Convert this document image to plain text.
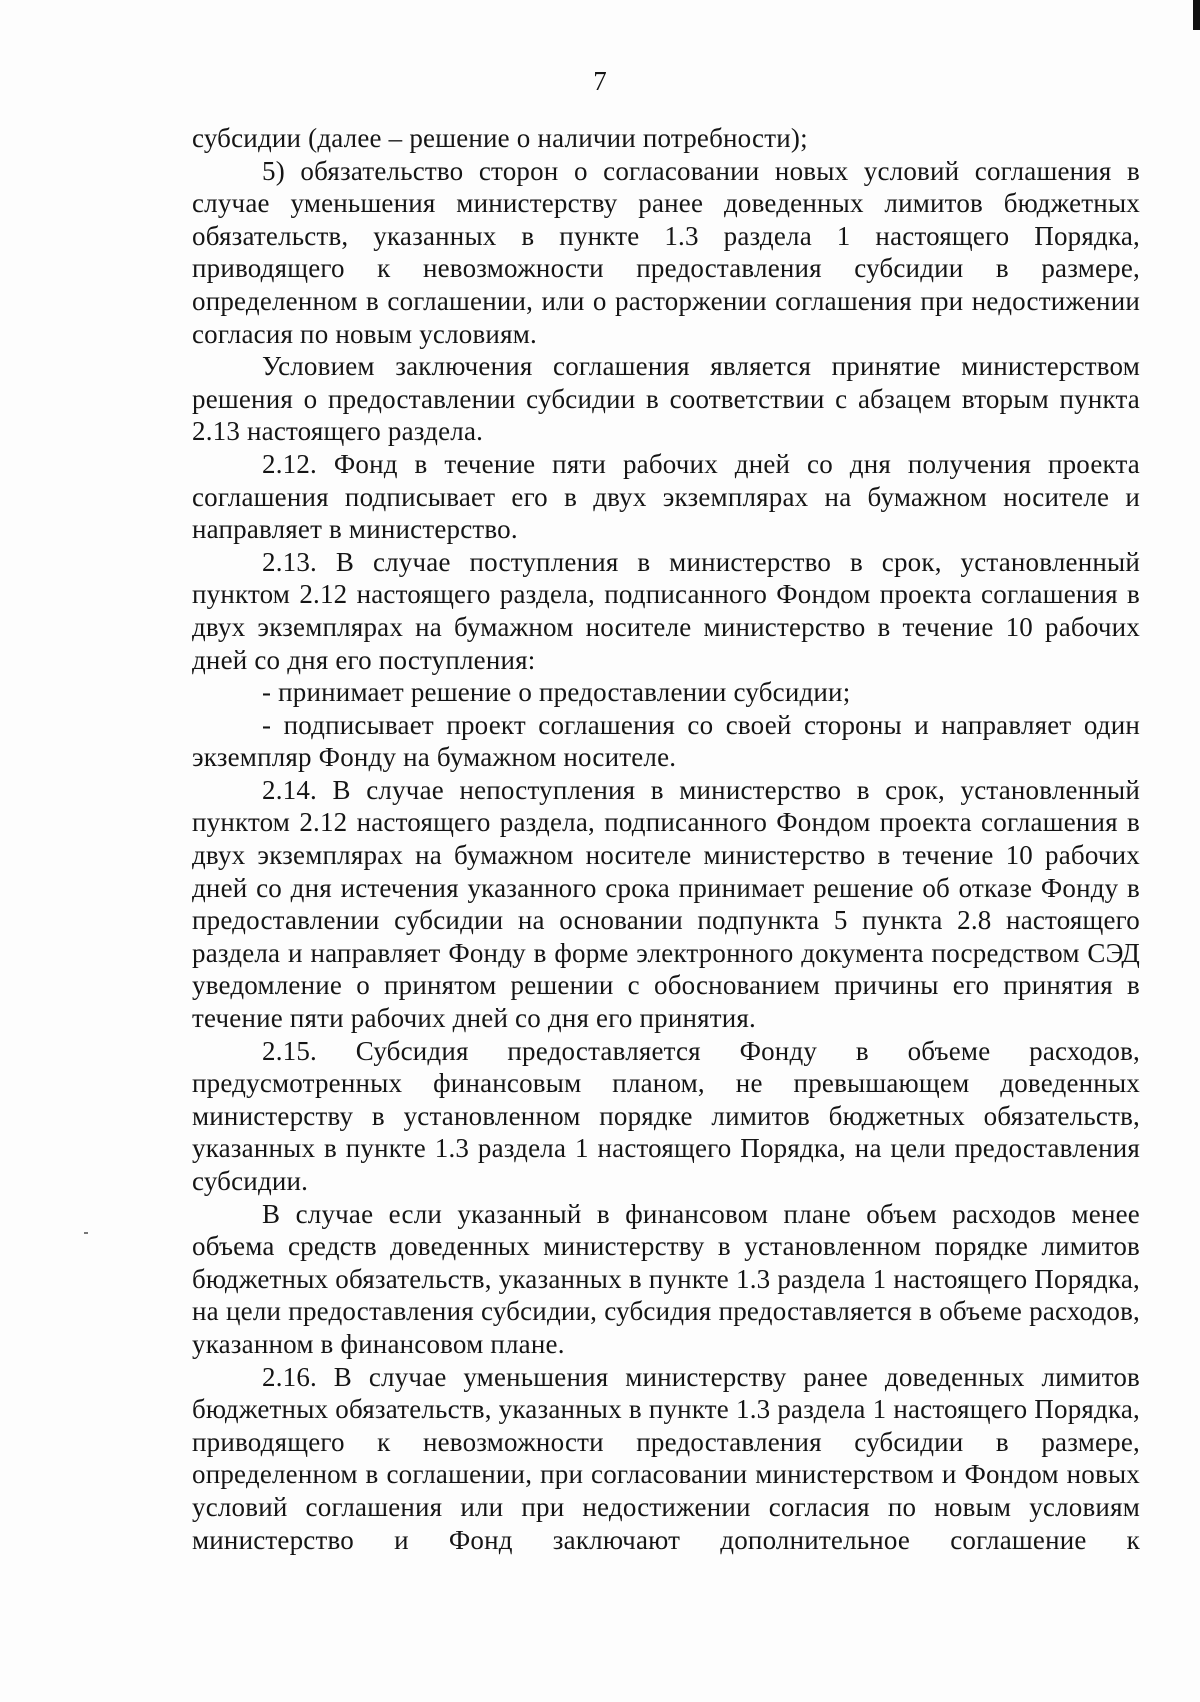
7

субсидии (далее – решение о наличии потребности);

5) обязательство сторон о согласовании новых условий соглашения в случае уменьшения министерству ранее доведенных лимитов бюджетных обязательств, указанных в пункте 1.3 раздела 1 настоящего Порядка, приводящего к невозможности предоставления субсидии в размере, определенном в соглашении, или о расторжении соглашения при недостижении согласия по новым условиям.

Условием заключения соглашения является принятие министерством решения о предоставлении субсидии в соответствии с абзацем вторым пункта 2.13 настоящего раздела.

2.12. Фонд в течение пяти рабочих дней со дня получения проекта соглашения подписывает его в двух экземплярах на бумажном носителе и направляет в министерство.

2.13. В случае поступления в министерство в срок, установленный пунктом 2.12 настоящего раздела, подписанного Фондом проекта соглашения в двух экземплярах на бумажном носителе министерство в течение 10 рабочих дней со дня его поступления:

- принимает решение о предоставлении субсидии;

- подписывает проект соглашения со своей стороны и направляет один экземпляр Фонду на бумажном носителе.

2.14. В случае непоступления в министерство в срок, установленный пунктом 2.12 настоящего раздела, подписанного Фондом проекта соглашения в двух экземплярах на бумажном носителе министерство в течение 10 рабочих дней со дня истечения указанного срока принимает решение об отказе Фонду в предоставлении субсидии на основании подпункта 5 пункта 2.8 настоящего раздела и направляет Фонду в форме электронного документа посредством СЭД уведомление о принятом решении с обоснованием причины его принятия в течение пяти рабочих дней со дня его принятия.

2.15. Субсидия предоставляется Фонду в объеме расходов, предусмотренных финансовым планом, не превышающем доведенных министерству в установленном порядке лимитов бюджетных обязательств, указанных в пункте 1.3 раздела 1 настоящего Порядка, на цели предоставления субсидии.

В случае если указанный в финансовом плане объем расходов менее объема средств доведенных министерству в установленном порядке лимитов бюджетных обязательств, указанных в пункте 1.3 раздела 1 настоящего Порядка, на цели предоставления субсидии, субсидия предоставляется в объеме расходов, указанном в финансовом плане.

2.16. В случае уменьшения министерству ранее доведенных лимитов бюджетных обязательств, указанных в пункте 1.3 раздела 1 настоящего Порядка, приводящего к невозможности предоставления субсидии в размере, определенном в соглашении, при согласовании министерством и Фондом новых условий соглашения или при недостижении согласия по новым условиям министерство и Фонд заключают дополнительное соглашение к
